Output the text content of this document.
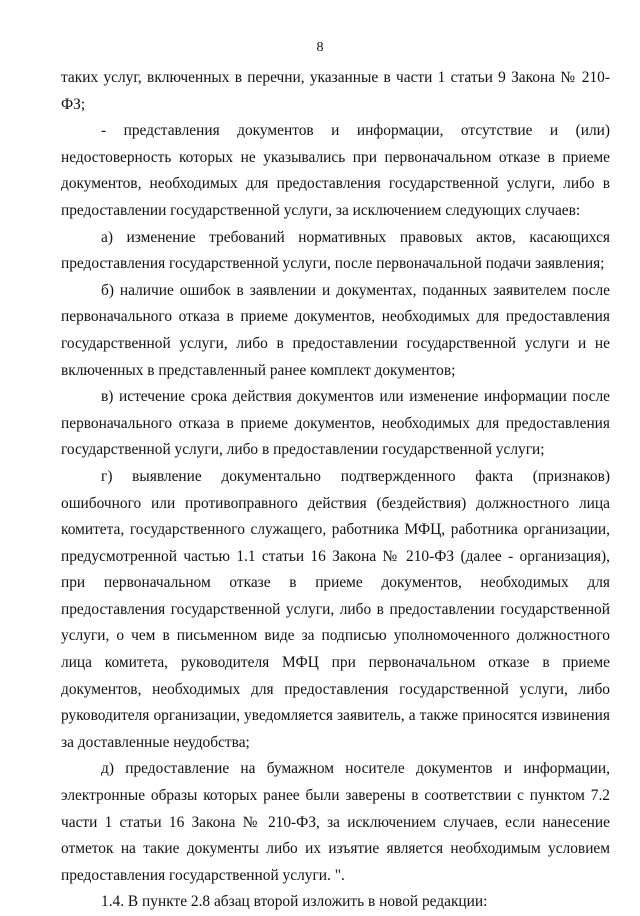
8

таких услуг, включенных в перечни, указанные в части 1 статьи 9 Закона № 210-ФЗ;

- представления документов и информации, отсутствие и (или) недостоверность которых не указывались при первоначальном отказе в приеме документов, необходимых для предоставления государственной услуги, либо в предоставлении государственной услуги, за исключением следующих случаев:

а) изменение требований нормативных правовых актов, касающихся предоставления государственной услуги, после первоначальной подачи заявления;

б) наличие ошибок в заявлении и документах, поданных заявителем после первоначального отказа в приеме документов, необходимых для предоставления государственной услуги, либо в предоставлении государственной услуги и не включенных в представленный ранее комплект документов;

в) истечение срока действия документов или изменение информации после первоначального отказа в приеме документов, необходимых для предоставления государственной услуги, либо в предоставлении государственной услуги;

г) выявление документально подтвержденного факта (признаков) ошибочного или противоправного действия (бездействия) должностного лица комитета, государственного служащего, работника МФЦ, работника организации, предусмотренной частью 1.1 статьи 16 Закона № 210-ФЗ (далее - организация), при первоначальном отказе в приеме документов, необходимых для предоставления государственной услуги, либо в предоставлении государственной услуги, о чем в письменном виде за подписью уполномоченного должностного лица комитета, руководителя МФЦ при первоначальном отказе в приеме документов, необходимых для предоставления государственной услуги, либо руководителя организации, уведомляется заявитель, а также приносятся извинения за доставленные неудобства;

д) предоставление на бумажном носителе документов и информации, электронные образы которых ранее были заверены в соответствии с пунктом 7.2 части 1 статьи 16 Закона № 210-ФЗ, за исключением случаев, если нанесение отметок на такие документы либо их изъятие является необходимым условием предоставления государственной услуги. ".

1.4. В пункте 2.8 абзац второй изложить в новой редакции:
